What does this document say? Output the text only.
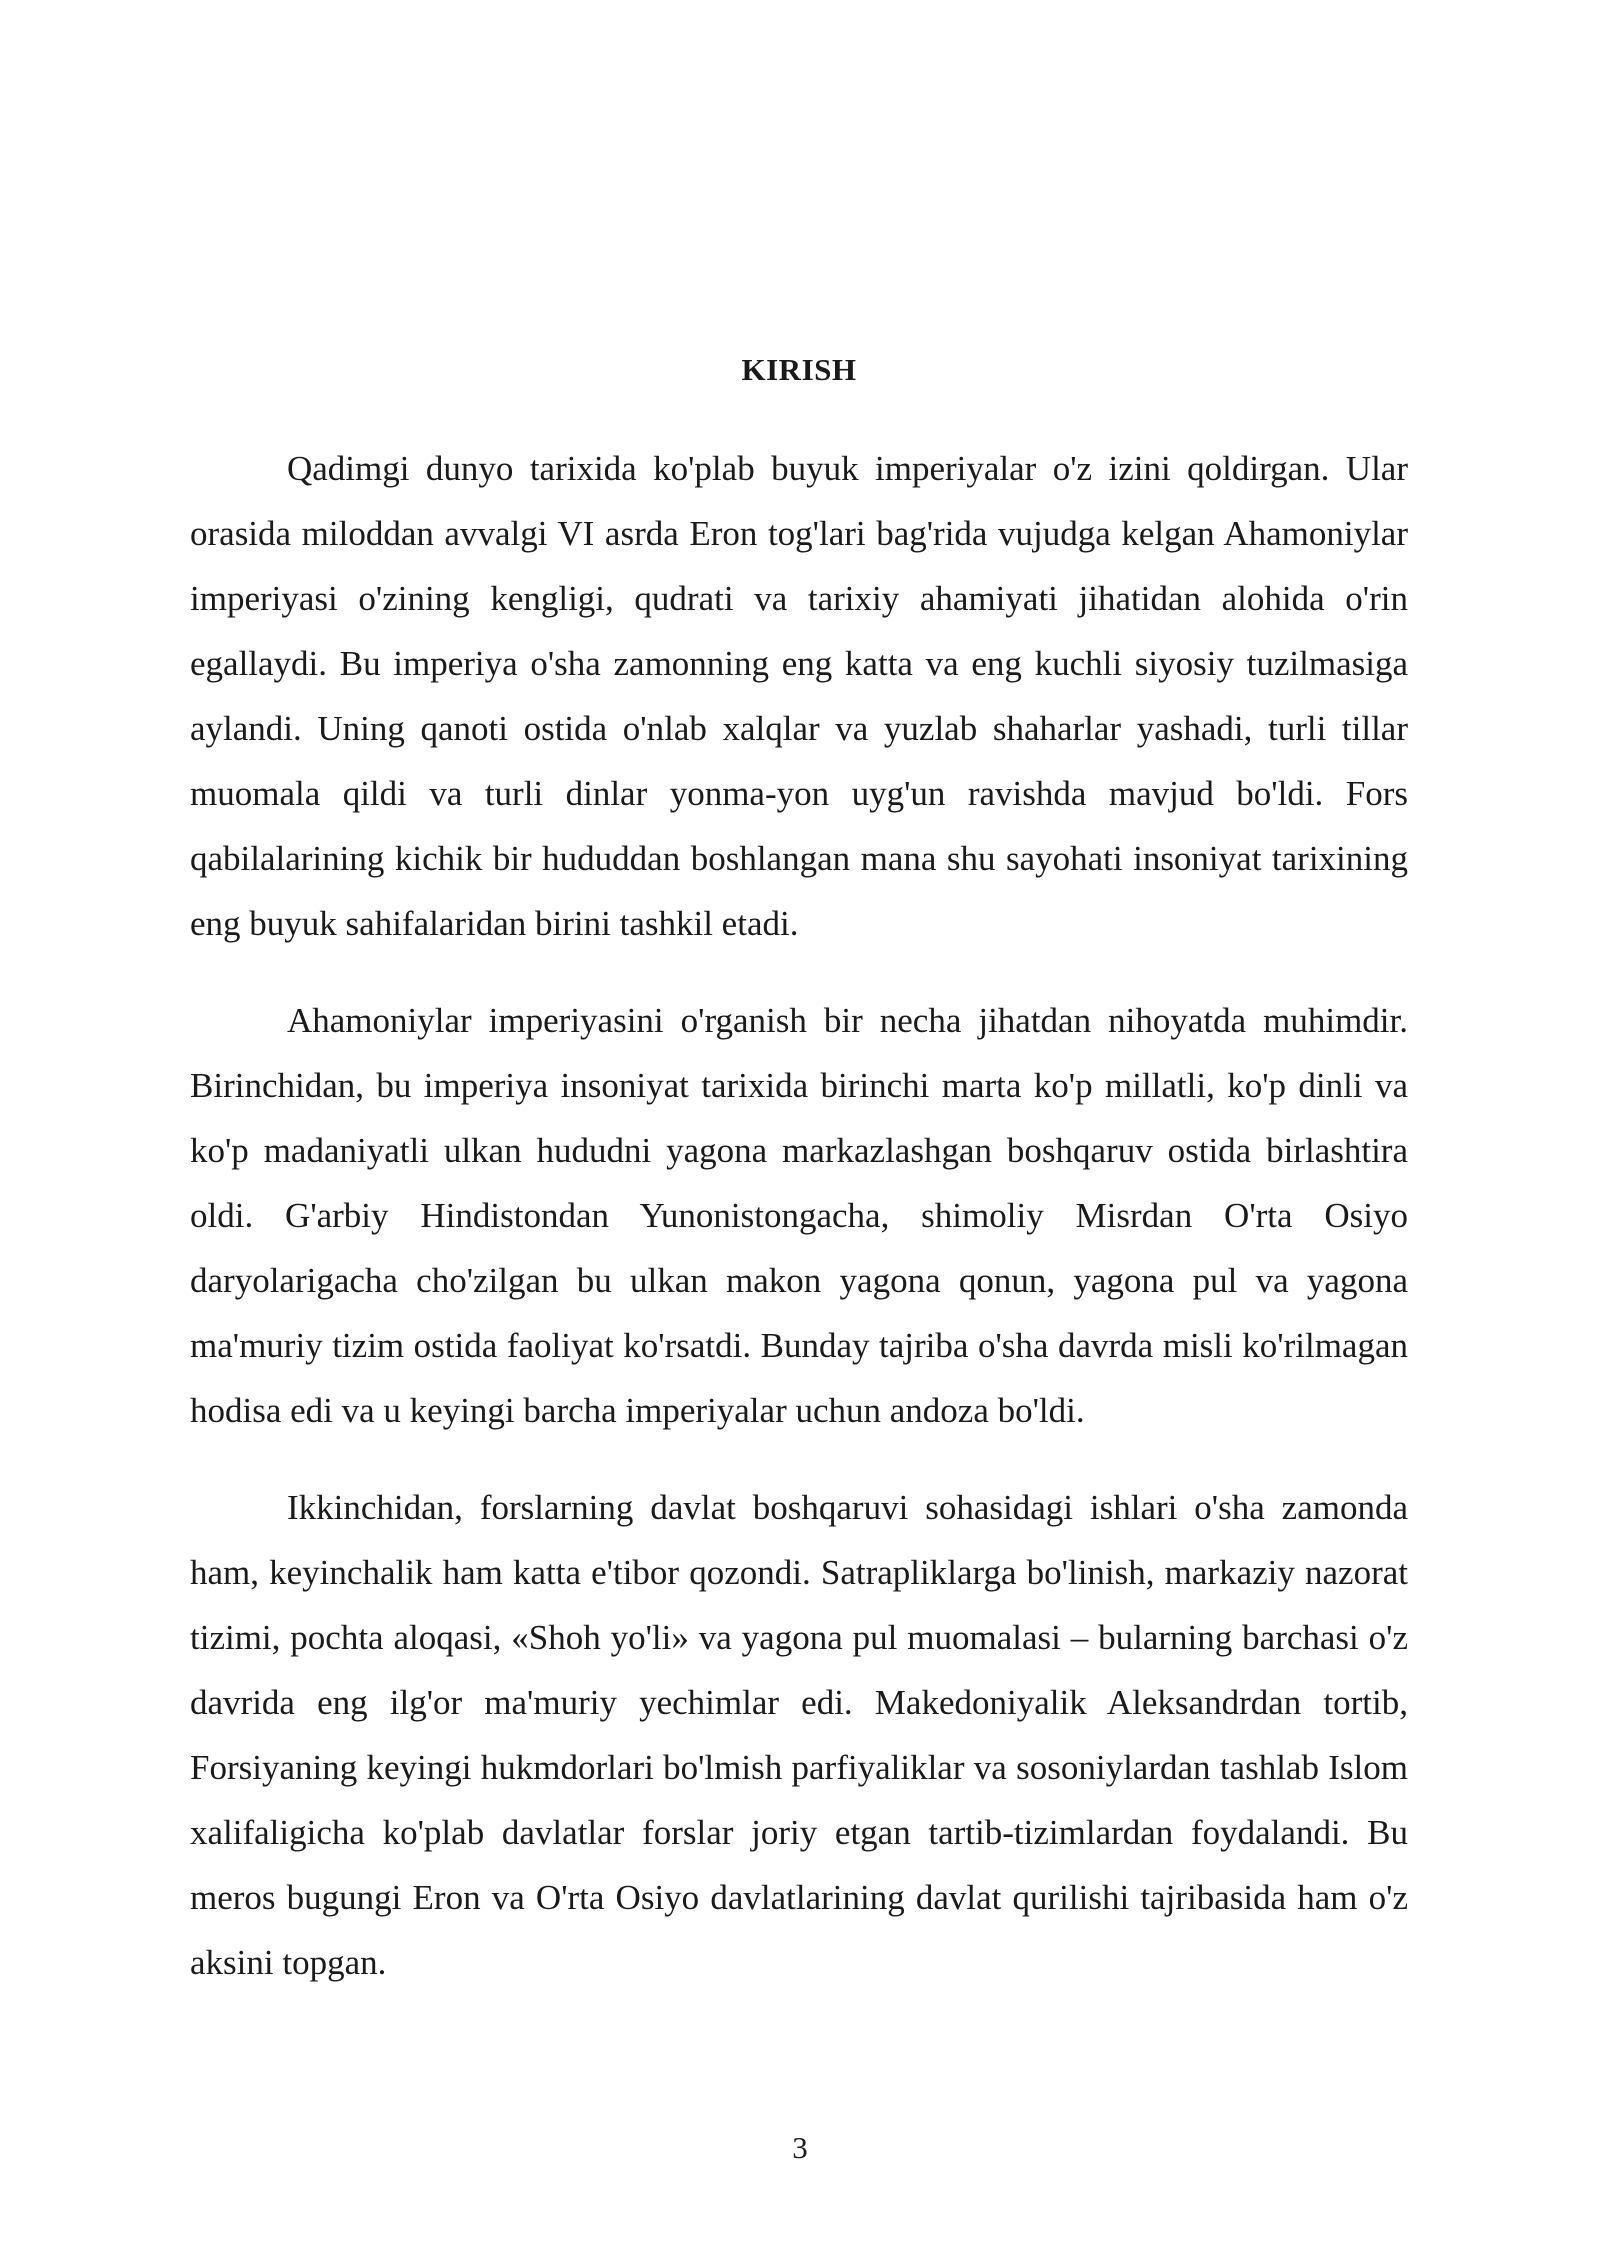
KIRISH

Qadimgi dunyo tarixida ko'plab buyuk imperiyalar o'z izini qoldirgan. Ular orasida miloddan avvalgi VI asrda Eron tog'lari bag'rida vujudga kelgan Ahamoniylar imperiyasi o'zining kengligi, qudrati va tarixiy ahamiyati jihatidan alohida o'rin egallaydi. Bu imperiya o'sha zamonning eng katta va eng kuchli siyosiy tuzilmasiga aylandi. Uning qanoti ostida o'nlab xalqlar va yuzlab shaharlar yashadi, turli tillar muomala qildi va turli dinlar yonma-yon uyg'un ravishda mavjud bo'ldi. Fors qabilalarining kichik bir hududdan boshlangan mana shu sayohati insoniyat tarixining eng buyuk sahifalaridan birini tashkil etadi.

Ahamoniylar imperiyasini o'rganish bir necha jihatdan nihoyatda muhimdir. Birinchidan, bu imperiya insoniyat tarixida birinchi marta ko'p millatli, ko'p dinli va ko'p madaniyatli ulkan hududni yagona markazlashgan boshqaruv ostida birlashtira oldi. G'arbiy Hindistondan Yunonistongacha, shimoliy Misrdan O'rta Osiyo daryolarigacha cho'zilgan bu ulkan makon yagona qonun, yagona pul va yagona ma'muriy tizim ostida faoliyat ko'rsatdi. Bunday tajriba o'sha davrda misli ko'rilmagan hodisa edi va u keyingi barcha imperiyalar uchun andoza bo'ldi.

Ikkinchidan, forslarning davlat boshqaruvi sohasidagi ishlari o'sha zamonda ham, keyinchalik ham katta e'tibor qozondi. Satrapliklarga bo'linish, markaziy nazorat tizimi, pochta aloqasi, «Shoh yo'li» va yagona pul muomalasi – bularning barchasi o'z davrida eng ilg'or ma'muriy yechimlar edi. Makedoniyalik Aleksandrdan tortib, Forsiyaning keyingi hukmdorlari bo'lmish parfiyaliklar va sosoniylardan tashlab Islom xalifaligicha ko'plab davlatlar forslar joriy etgan tartib-tizimlardan foydalandi. Bu meros bugungi Eron va O'rta Osiyo davlatlarining davlat qurilishi tajribasida ham o'z aksini topgan.

3
